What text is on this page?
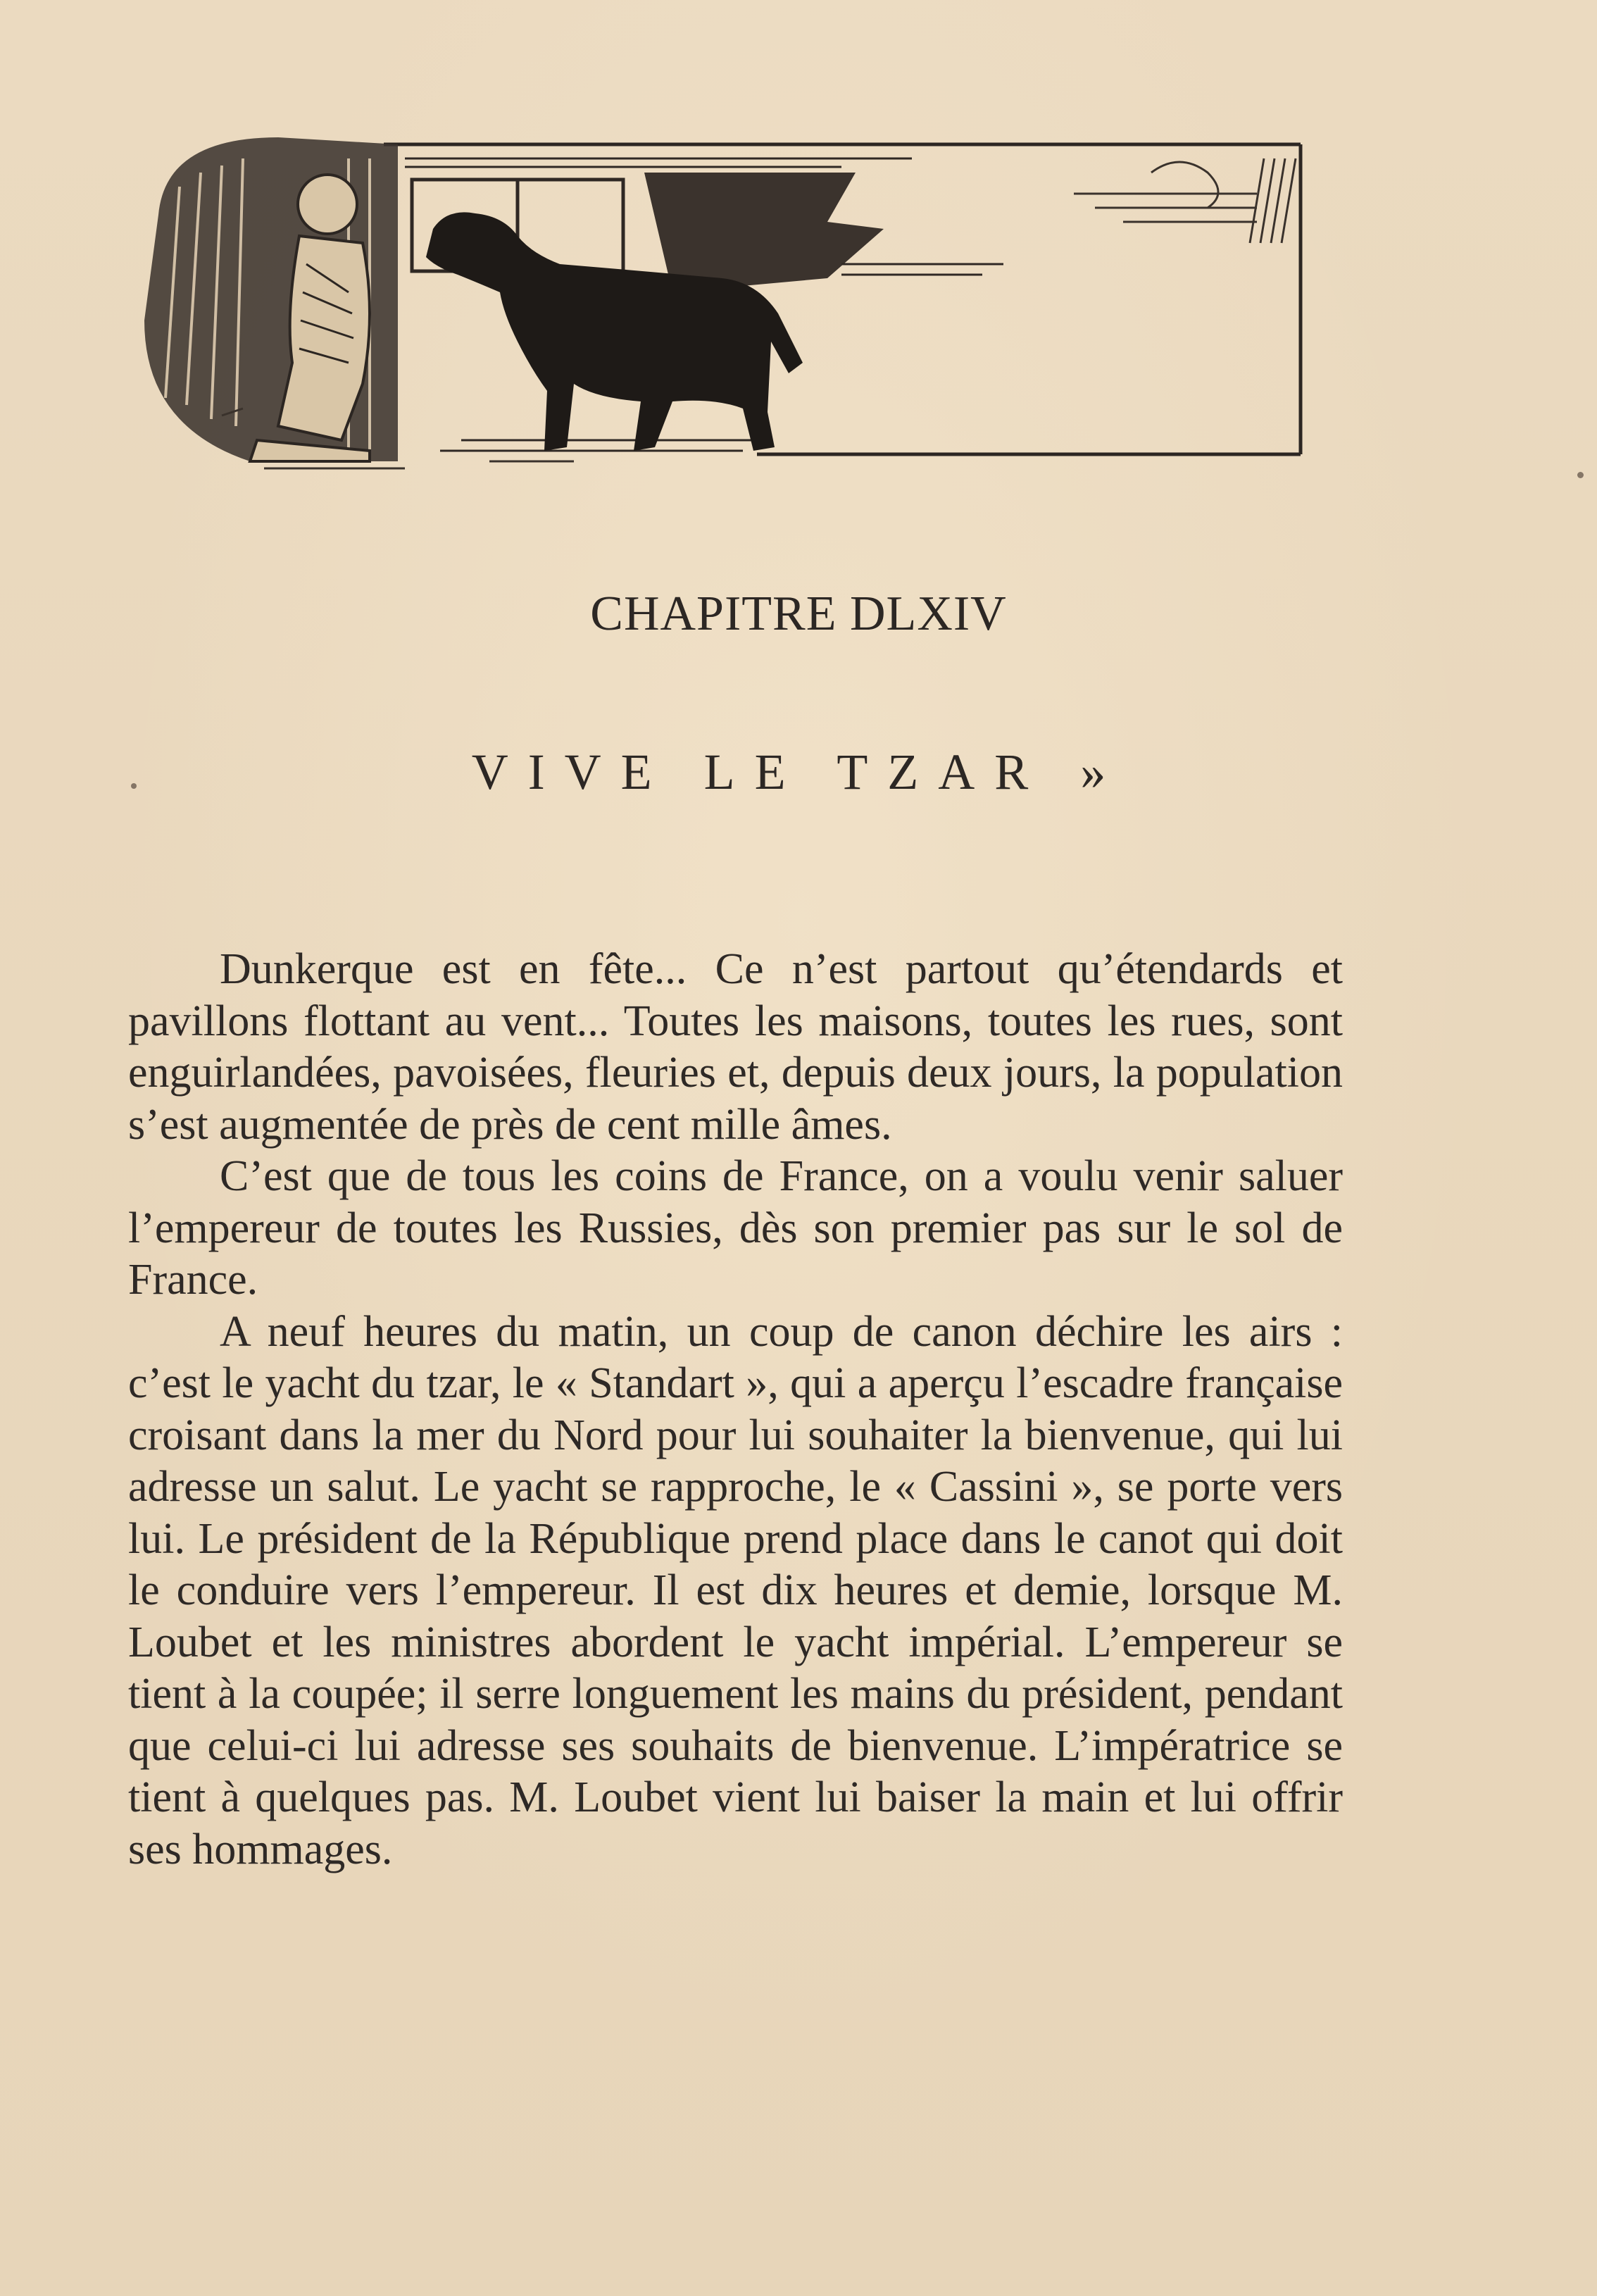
CHAPITRE DLXIV
VIVE LE TZAR »

Dunkerque est en fête... Ce n’est partout qu’étendards et pavillons flottant au vent... Toutes les maisons, toutes les rues, sont enguirlandées, pavoisées, fleuries et, depuis deux jours, la population s’est augmentée de près de cent mille âmes.

C’est que de tous les coins de France, on a voulu venir saluer l’empereur de toutes les Russies, dès son premier pas sur le sol de France.

A neuf heures du matin, un coup de canon déchire les airs : c’est le yacht du tzar, le « Standart », qui a aperçu l’escadre française croisant dans la mer du Nord pour lui souhaiter la bienvenue, qui lui adresse un salut. Le yacht se rapproche, le « Cassini », se porte vers lui. Le président de la République prend place dans le canot qui doit le conduire vers l’empereur. Il est dix heures et demie, lorsque M. Loubet et les ministres abordent le yacht impérial. L’empereur se tient à la coupée; il serre longuement les mains du président, pendant que celui-ci lui adresse ses souhaits de bienvenue. L’impératrice se tient à quelques pas. M. Loubet vient lui baiser la main et lui offrir ses hommages.
